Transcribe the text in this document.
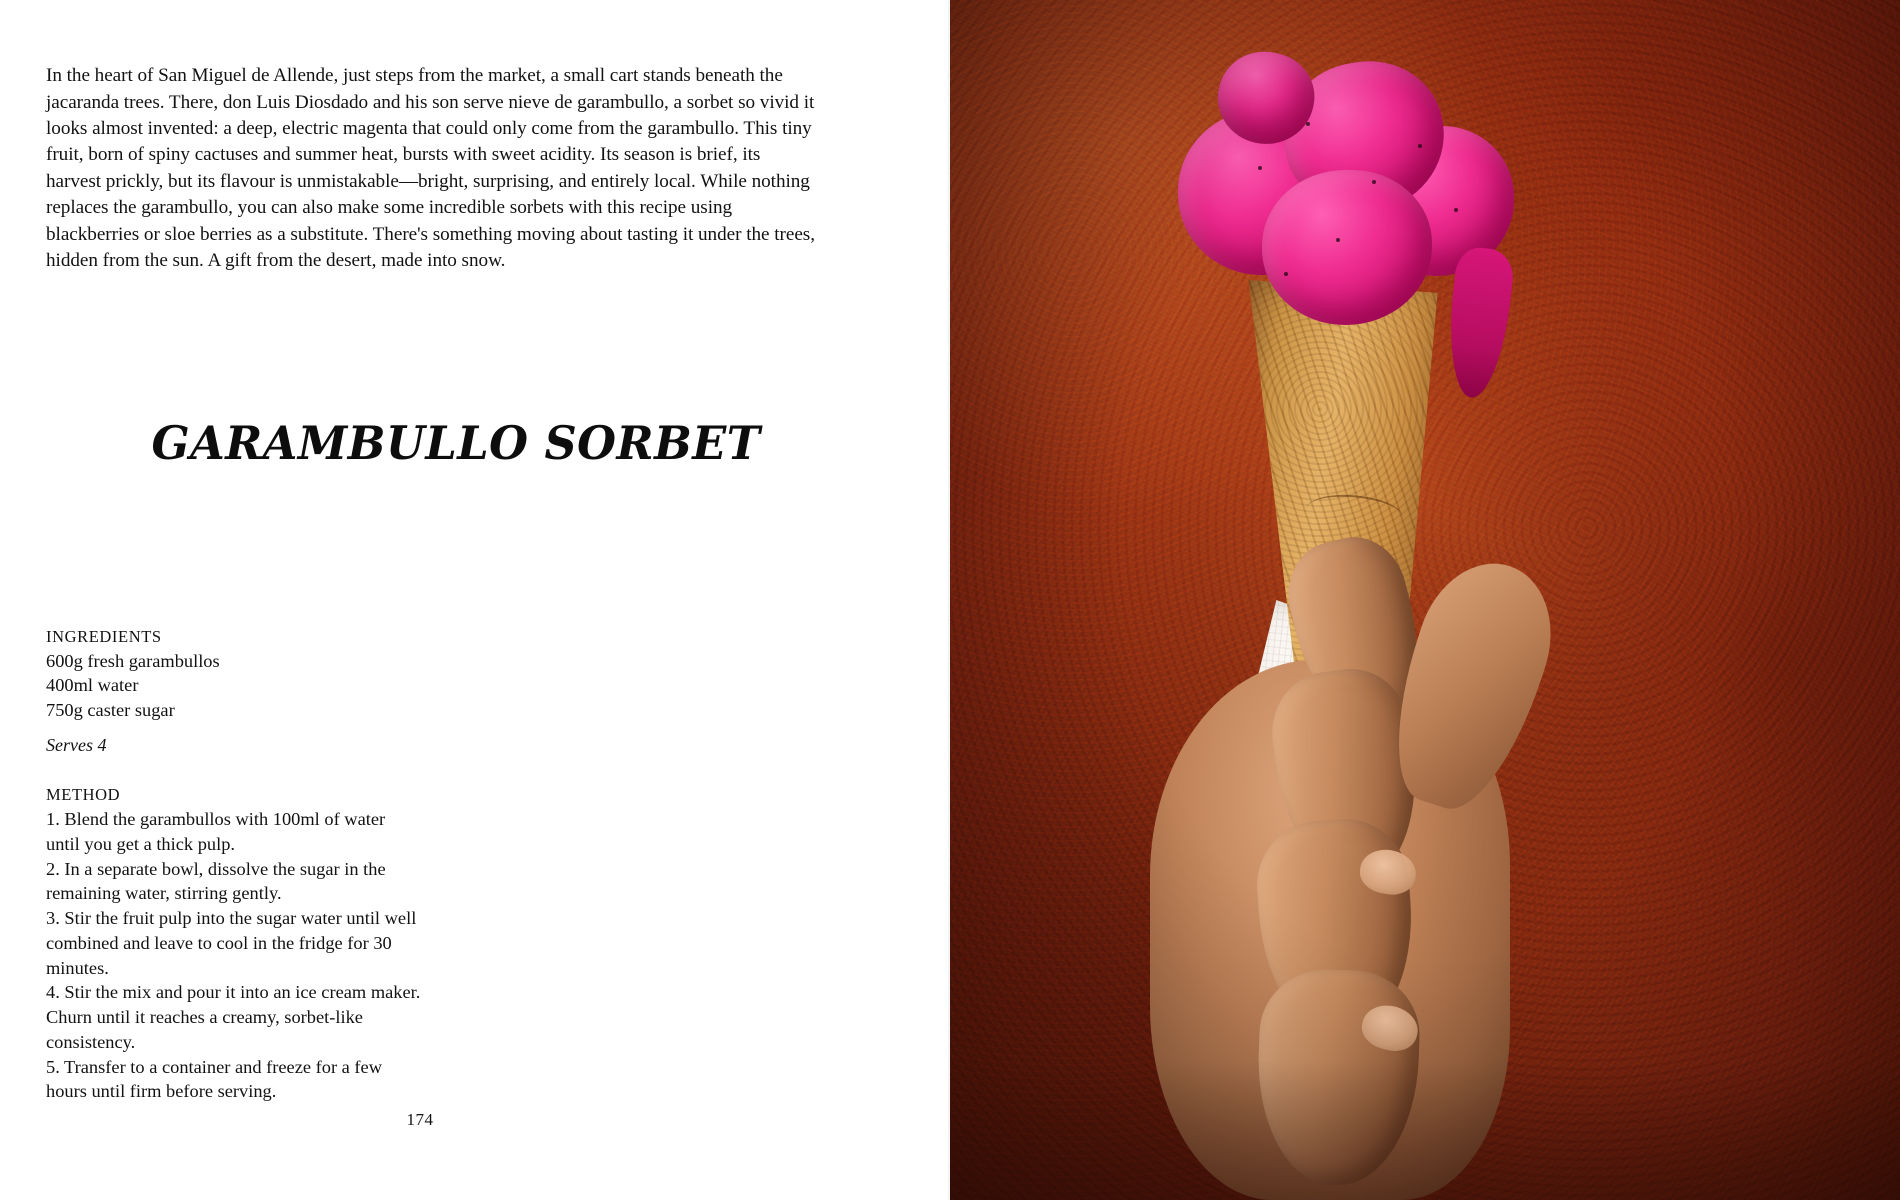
In the heart of San Miguel de Allende, just steps from the market, a small cart stands beneath the jacaranda trees. There, don Luis Diosdado and his son serve nieve de garambullo, a sorbet so vivid it looks almost invented: a deep, electric magenta that could only come from the garambullo. This tiny fruit, born of spiny cactuses and summer heat, bursts with sweet acidity. Its season is brief, its harvest prickly, but its flavour is unmistakable—bright, surprising, and entirely local. While nothing replaces the garambullo, you can also make some incredible sorbets with this recipe using blackberries or sloe berries as a substitute. There's something moving about tasting it under the trees, hidden from the sun. A gift from the desert, made into snow.

GARAMBULLO SORBET
INGREDIENTS
600g fresh garambullos
400ml water
750g caster sugar
Serves 4
METHOD
1. Blend the garambullos with 100ml of water until you get a thick pulp.
2. In a separate bowl, dissolve the sugar in the remaining water, stirring gently.
3. Stir the fruit pulp into the sugar water until well combined and leave to cool in the fridge for 30 minutes.
4. Stir the mix and pour it into an ice cream maker. Churn until it reaches a creamy, sorbet-like consistency.
5. Transfer to a container and freeze for a few hours until firm before serving.
174
